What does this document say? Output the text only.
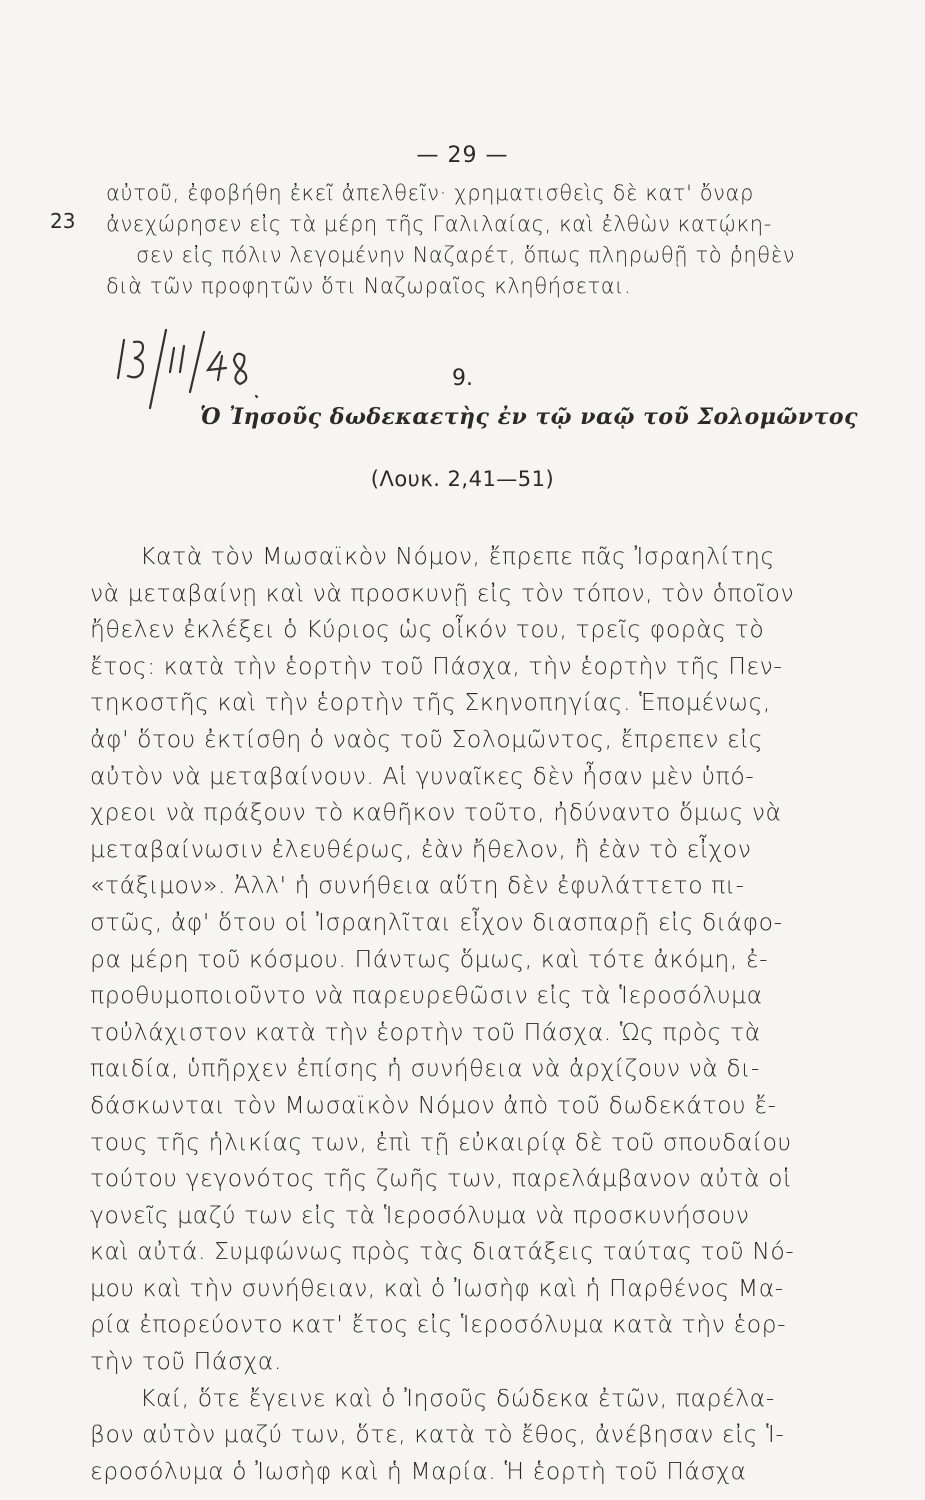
— 29 —
23
αὐτοῦ, ἐφοβήθη ἐκεῖ ἀπελθεῖν· χρηματισθεὶς δὲ κατ' ὄναρ
ἀνεχώρησεν εἰς τὰ μέρη τῆς Γαλιλαίας, καὶ ἐλθὼν κατῴκη-
σεν εἰς πόλιν λεγομένην Ναζαρέτ, ὅπως πληρωθῇ τὸ ῥηθὲν
διὰ τῶν προφητῶν ὅτι Ναζωραῖος κληθήσεται.
9.
Ὁ Ἰησοῦς δωδεκαετὴς ἐν τῷ ναῷ τοῦ Σολομῶντος
(Λουκ. 2,41—51)
Κατὰ τὸν Μωσαϊκὸν Νόμον, ἔπρεπε πᾶς Ἰσραηλίτης
νὰ μεταβαίνῃ καὶ νὰ προσκυνῇ εἰς τὸν τόπον, τὸν ὁποῖον
ἤθελεν ἐκλέξει ὁ Κύριος ὡς οἶκόν του, τρεῖς φορὰς τὸ
ἔτος: κατὰ τὴν ἑορτὴν τοῦ Πάσχα, τὴν ἑορτὴν τῆς Πεν-
τηκοστῆς καὶ τὴν ἑορτὴν τῆς Σκηνοπηγίας. Ἑπομένως,
ἀφ' ὅτου ἐκτίσθη ὁ ναὸς τοῦ Σολομῶντος, ἔπρεπεν εἰς
αὐτὸν νὰ μεταβαίνουν. Αἱ γυναῖκες δὲν ἦσαν μὲν ὑπό-
χρεοι νὰ πράξουν τὸ καθῆκον τοῦτο, ἠδύναντο ὅμως νὰ
μεταβαίνωσιν ἐλευθέρως, ἐὰν ἤθελον, ἢ ἐὰν τὸ εἶχον
«τάξιμον». Ἀλλ' ἡ συνήθεια αὕτη δὲν ἐφυλάττετο πι-
στῶς, ἀφ' ὅτου οἱ Ἰσραηλῖται εἶχον διασπαρῇ εἰς διάφο-
ρα μέρη τοῦ κόσμου. Πάντως ὅμως, καὶ τότε ἀκόμη, ἐ-
προθυμοποιοῦντο νὰ παρευρεθῶσιν εἰς τὰ Ἱεροσόλυμα
τοὐλάχιστον κατὰ τὴν ἑορτὴν τοῦ Πάσχα. Ὡς πρὸς τὰ
παιδία, ὑπῆρχεν ἐπίσης ἡ συνήθεια νὰ ἀρχίζουν νὰ δι-
δάσκωνται τὸν Μωσαϊκὸν Νόμον ἀπὸ τοῦ δωδεκάτου ἔ-
τους τῆς ἡλικίας των, ἐπὶ τῇ εὐκαιρίᾳ δὲ τοῦ σπουδαίου
τούτου γεγονότος τῆς ζωῆς των, παρελάμβανον αὐτὰ οἱ
γονεῖς μαζύ των εἰς τὰ Ἱεροσόλυμα νὰ προσκυνήσουν
καὶ αὐτά. Συμφώνως πρὸς τὰς διατάξεις ταύτας τοῦ Νό-
μου καὶ τὴν συνήθειαν, καὶ ὁ Ἰωσὴφ καὶ ἡ Παρθένος Μα-
ρία ἐπορεύοντο κατ' ἔτος εἰς Ἱεροσόλυμα κατὰ τὴν ἑορ-
τὴν τοῦ Πάσχα.
Καί, ὅτε ἔγεινε καὶ ὁ Ἰησοῦς δώδεκα ἐτῶν, παρέλα-
βον αὐτὸν μαζύ των, ὅτε, κατὰ τὸ ἔθος, ἀνέβησαν εἰς Ἱ-
εροσόλυμα ὁ Ἰωσὴφ καὶ ἡ Μαρία. Ἡ ἑορτὴ τοῦ Πάσχα
